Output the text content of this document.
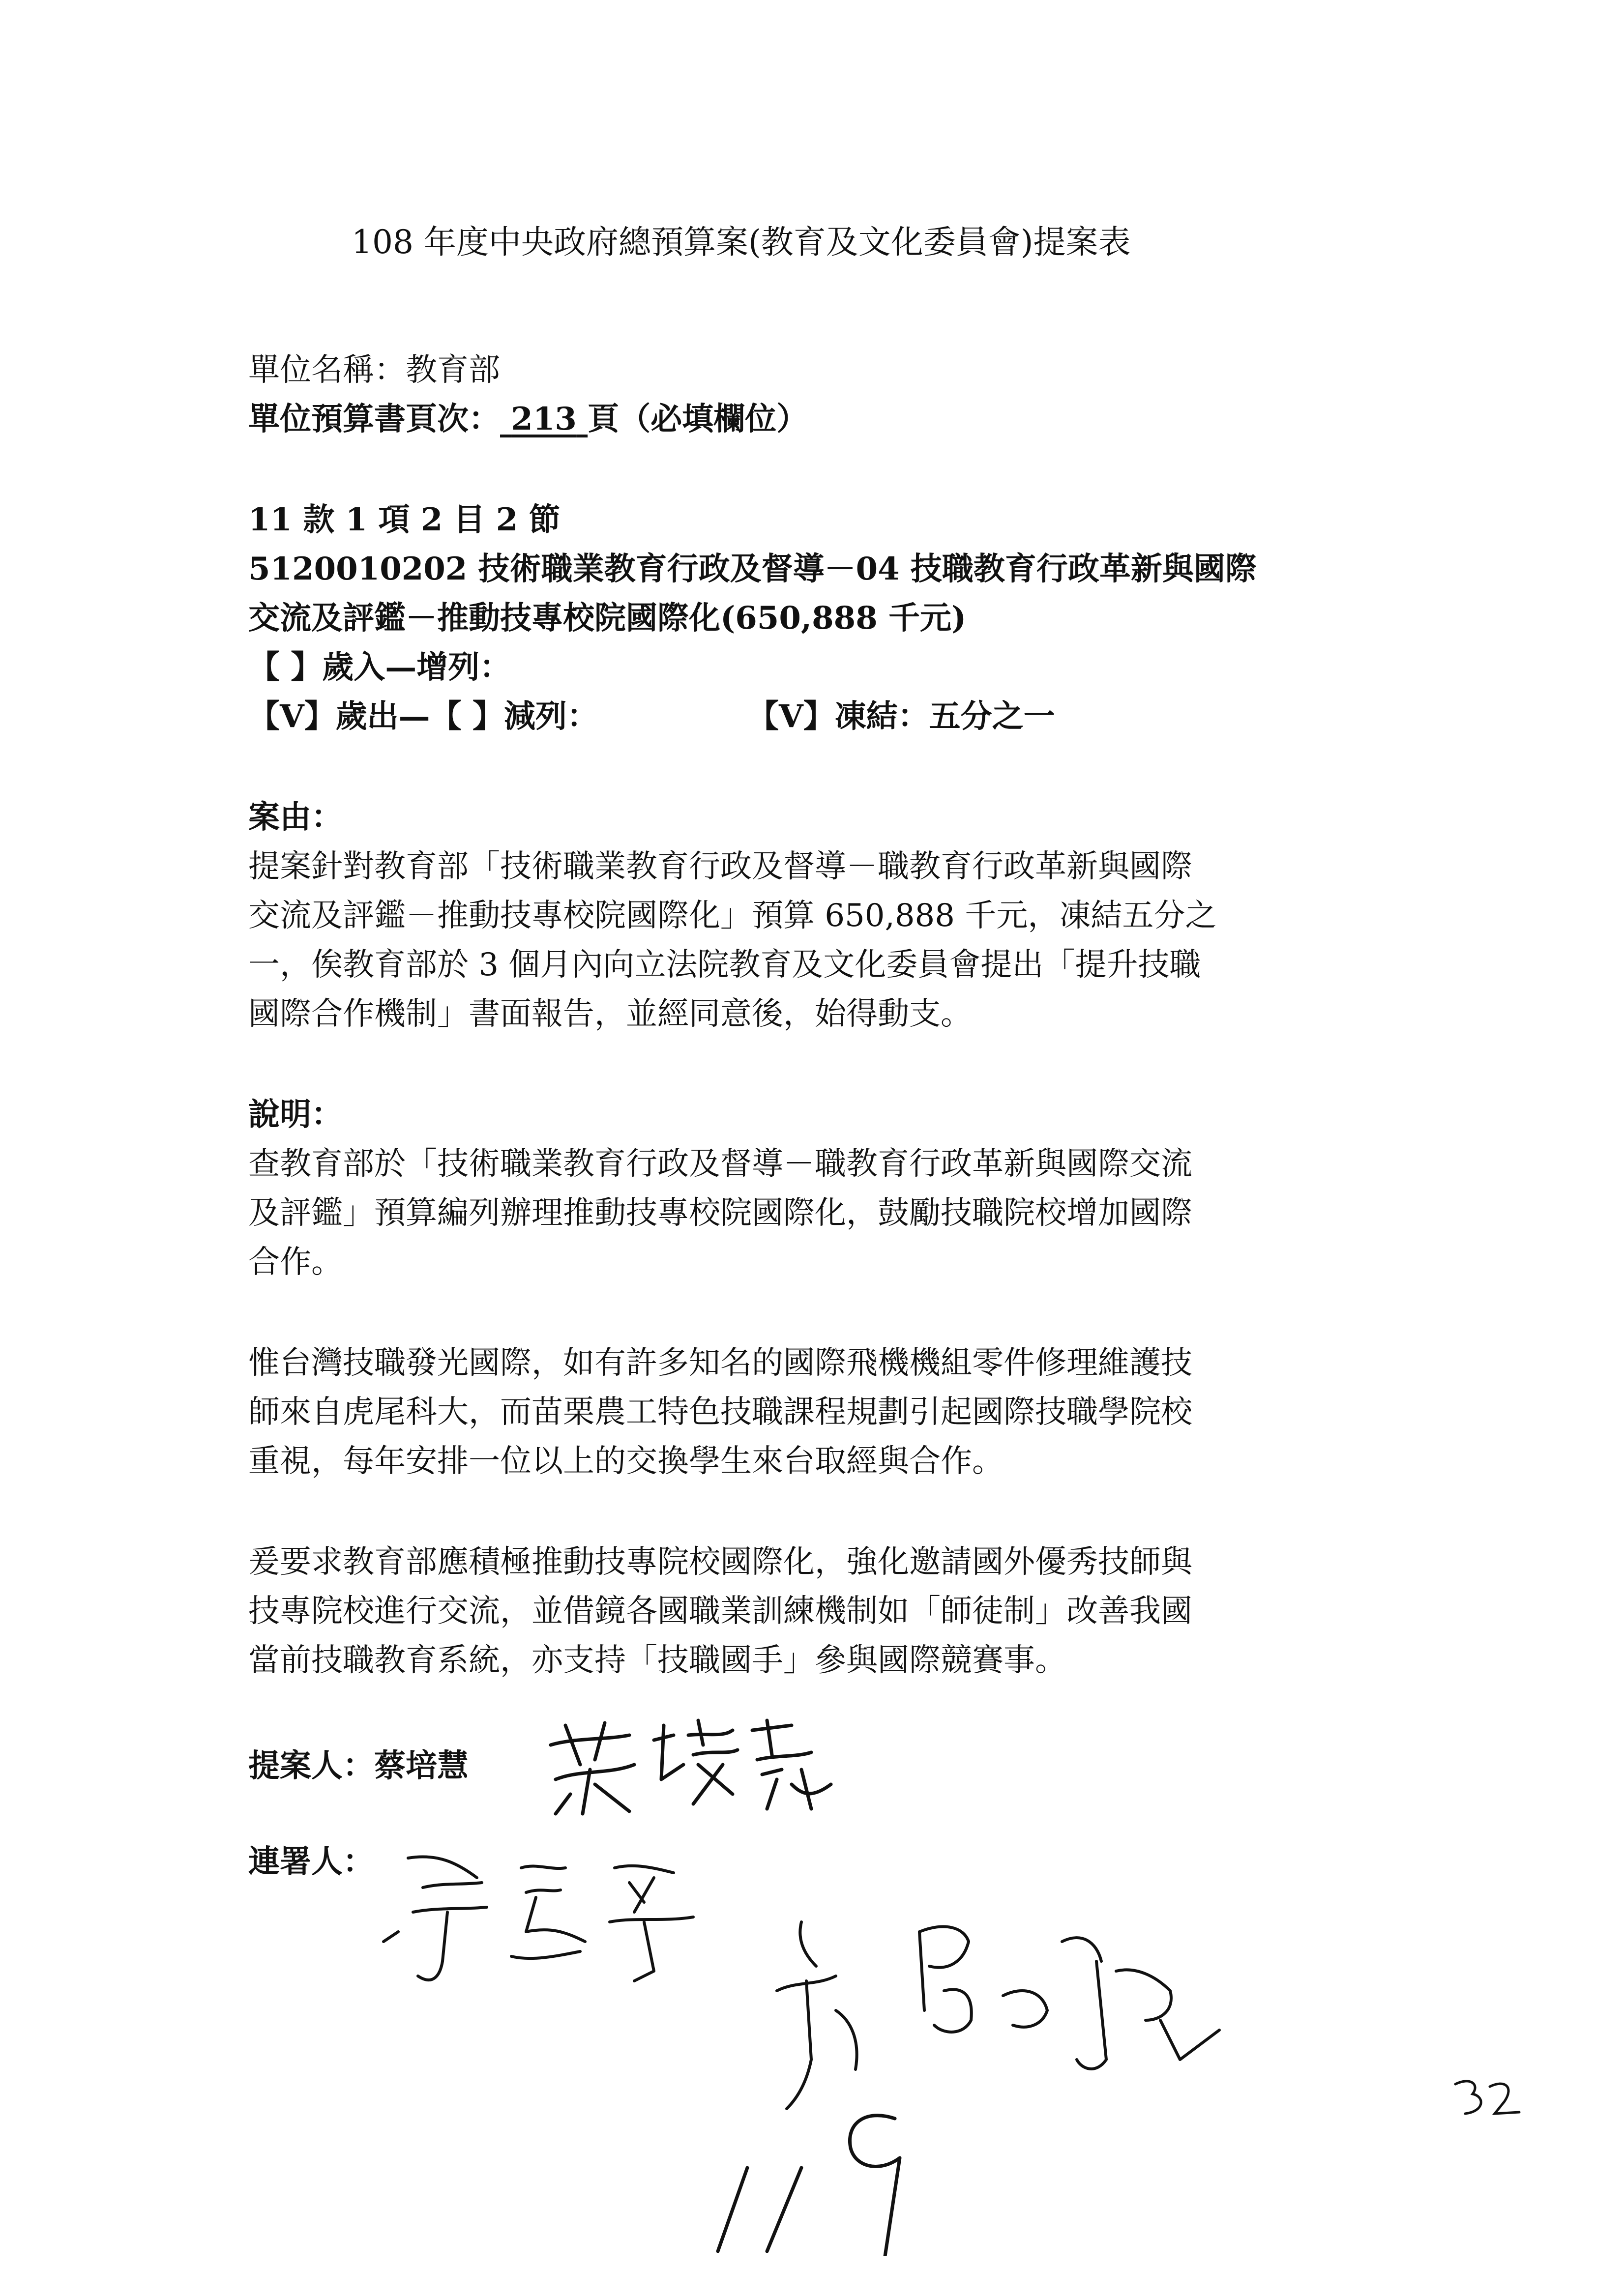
108 年度中央政府總預算案(教育及文化委員會)提案表
單位名稱：教育部
單位預算書頁次： 213 頁（必填欄位）
11 款 1 項 2 目 2 節
5120010202 技術職業教育行政及督導－04 技職教育行政革新與國際
交流及評鑑－推動技專校院國際化(650,888 千元)
【 】歲入—增列：
【V】歲出—【 】減列：	【V】凍結：五分之一
案由：
提案針對教育部「技術職業教育行政及督導－職教育行政革新與國際
交流及評鑑－推動技專校院國際化」預算 650,888 千元，凍結五分之
一，俟教育部於 3 個月內向立法院教育及文化委員會提出「提升技職
國際合作機制」書面報告，並經同意後，始得動支。
說明：
查教育部於「技術職業教育行政及督導－職教育行政革新與國際交流
及評鑑」預算編列辦理推動技專校院國際化，鼓勵技職院校增加國際
合作。
惟台灣技職發光國際，如有許多知名的國際飛機機組零件修理維護技
師來自虎尾科大，而苗栗農工特色技職課程規劃引起國際技職學院校
重視，每年安排一位以上的交換學生來台取經與合作。
爰要求教育部應積極推動技專院校國際化，強化邀請國外優秀技師與
技專院校進行交流，並借鏡各國職業訓練機制如「師徒制」改善我國
當前技職教育系統，亦支持「技職國手」參與國際競賽事。
提案人：蔡培慧
連署人：
